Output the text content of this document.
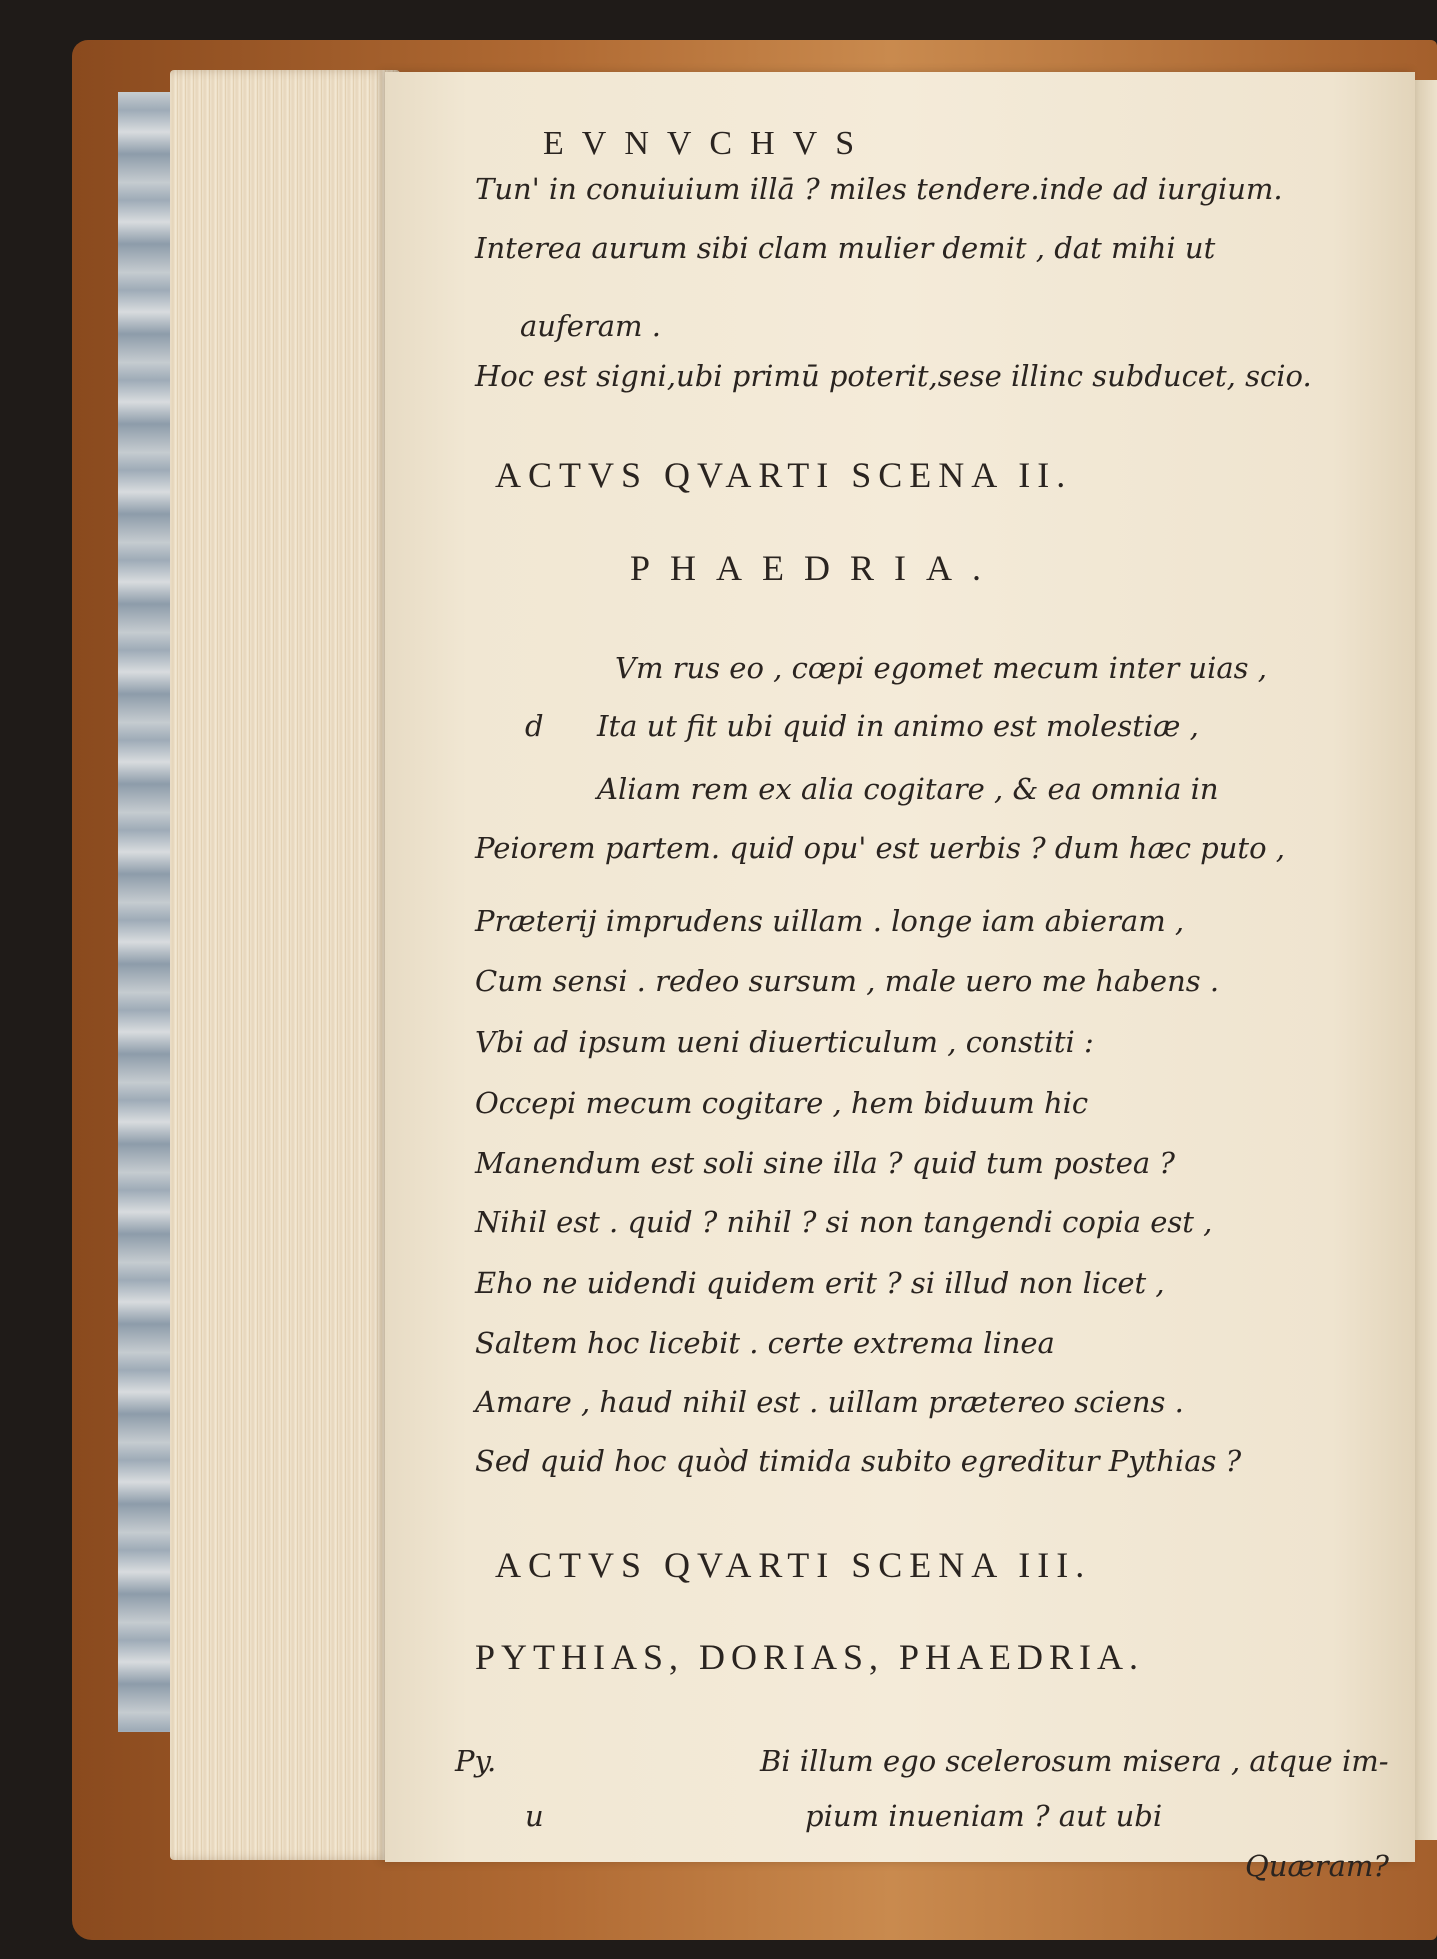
EVNVCHVS

Tun' in conuiuium illā ? miles tendere.inde ad iurgium.

Interea aurum sibi clam mulier demit , dat mihi ut

auferam .

Hoc est signi,ubi primū poterit,sese illinc subducet, scio.

ACTVS QVARTI SCENA II.

PHAEDRIA.

d

Vm rus eo , cœpi egomet mecum inter uias ,

Ita ut fit ubi quid in animo est molestiæ ,

Aliam rem ex alia cogitare , & ea omnia in

Peiorem partem. quid opu' est uerbis ? dum hæc puto ,

Præterij imprudens uillam . longe iam abieram ,

Cum sensi . redeo sursum , male uero me habens .

Vbi ad ipsum ueni diuerticulum , constiti :

Occepi mecum cogitare , hem biduum hic

Manendum est soli sine illa ? quid tum postea ?

Nihil est . quid ? nihil ? si non tangendi copia est ,

Eho ne uidendi quidem erit ? si illud non licet ,

Saltem hoc licebit . certe extrema linea

Amare , haud nihil est . uillam prætereo sciens .

Sed quid hoc quòd timida subito egreditur Pythias ?

ACTVS QVARTI SCENA III.

PYTHIAS, DORIAS, PHAEDRIA.

Py.

u

Bi illum ego scelerosum misera , atque im-

pium inueniam ? aut ubi

Quæram?
